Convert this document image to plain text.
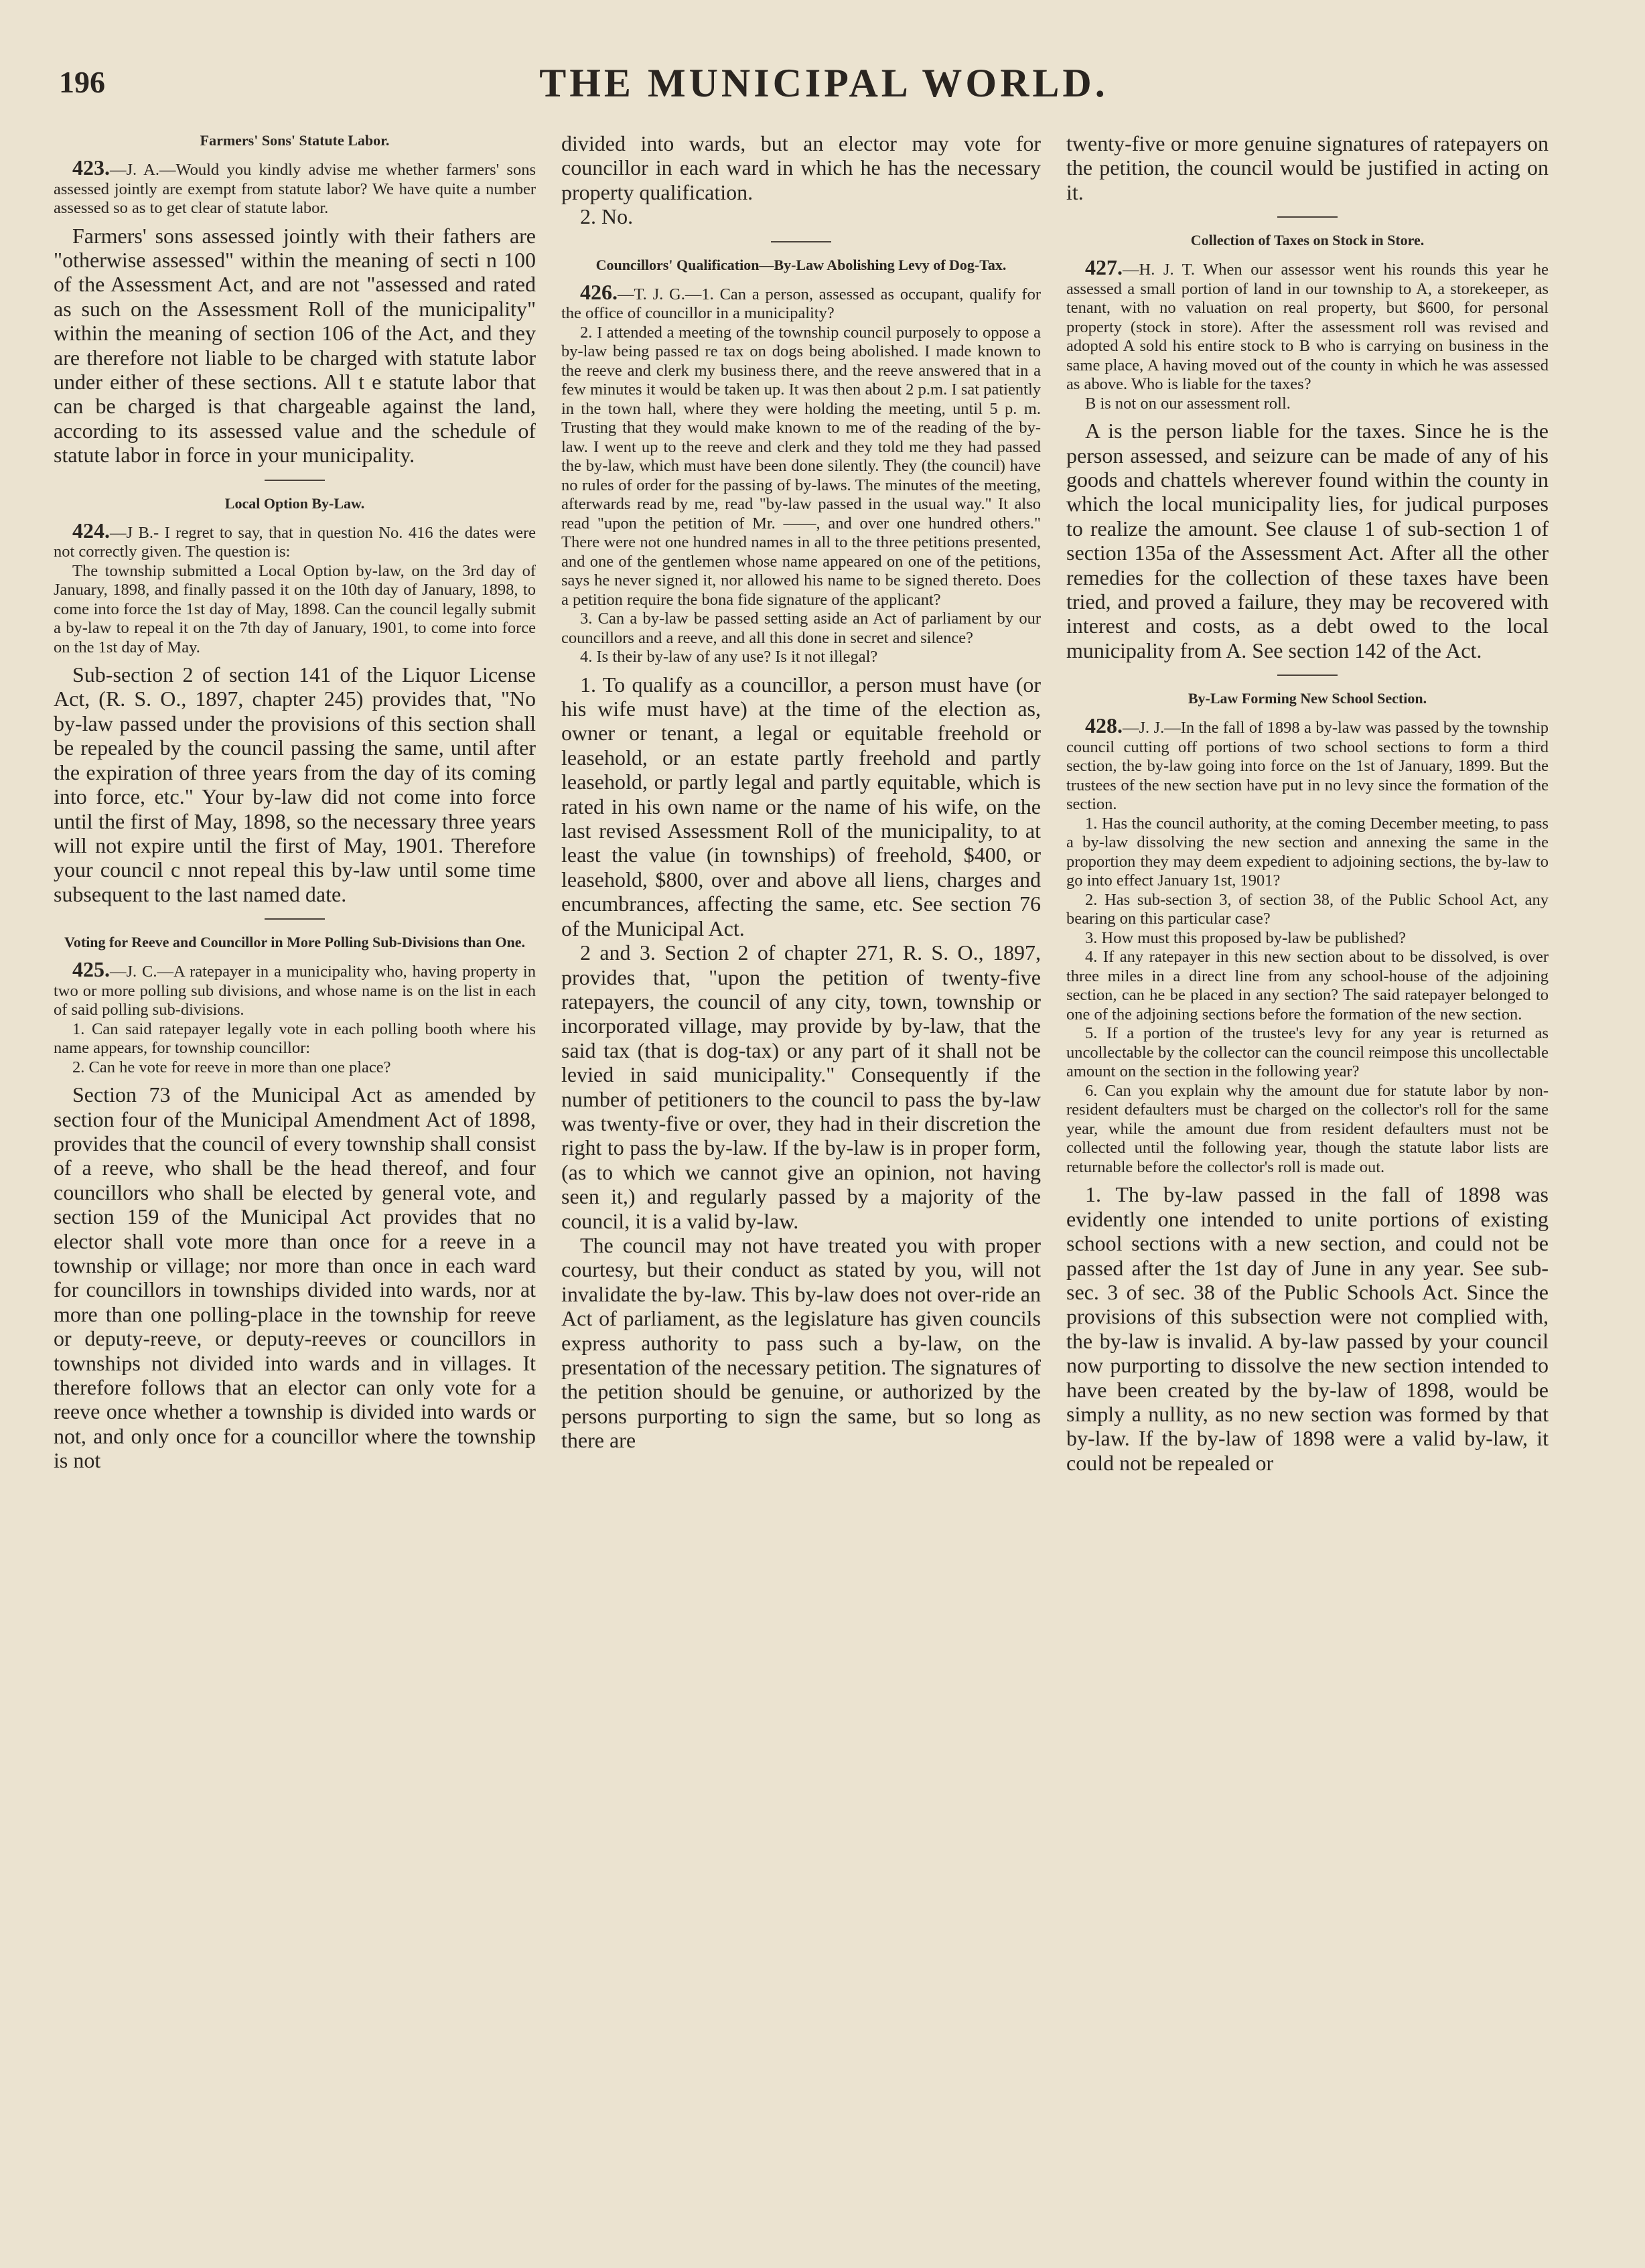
196	THE MUNICIPAL WORLD.
Farmers' Sons' Statute Labor.

423.—J. A.—Would you kindly advise me whether farmers' sons assessed jointly are exempt from statute labor? We have quite a number assessed so as to get clear of statute labor.

Farmers' sons assessed jointly with their fathers are "otherwise assessed" within the meaning of secti n 100 of the Assessment Act, and are not "assessed and rated as such on the Assessment Roll of the municipality" within the meaning of section 106 of the Act, and they are therefore not liable to be charged with statute labor under either of these sections. All t e statute labor that can be charged is that chargeable against the land, according to its assessed value and the schedule of statute labor in force in your municipality.

Local Option By-Law.

424.—J B.- I regret to say, that in question No. 416 the dates were not correctly given. The question is:

The township submitted a Local Option by-law, on the 3rd day of January, 1898, and finally passed it on the 10th day of January, 1898, to come into force the 1st day of May, 1898. Can the council legally submit a by-law to repeal it on the 7th day of January, 1901, to come into force on the 1st day of May.

Sub-section 2 of section 141 of the Liquor License Act, (R. S. O., 1897, chapter 245) provides that, "No by-law passed under the provisions of this section shall be repealed by the council passing the same, until after the expiration of three years from the day of its coming into force, etc." Your by-law did not come into force until the first of May, 1898, so the necessary three years will not expire until the first of May, 1901. Therefore your council c nnot repeal this by-law until some time subsequent to the last named date.

Voting for Reeve and Councillor in More Polling Sub-Divisions than One.

425.—J. C.—A ratepayer in a municipality who, having property in two or more polling sub divisions, and whose name is on the list in each of said polling sub-divisions.

1. Can said ratepayer legally vote in each polling booth where his name appears, for township councillor:

2. Can he vote for reeve in more than one place?

Section 73 of the Municipal Act as amended by section four of the Municipal Amendment Act of 1898, provides that the council of every township shall consist of a reeve, who shall be the head thereof, and four councillors who shall be elected by general vote, and section 159 of the Municipal Act provides that no elector shall vote more than once for a reeve in a township or village; nor more than once in each ward for councillors in townships divided into wards, nor at more than one polling-place in the township for reeve or deputy-reeve, or deputy-reeves or councillors in townships not divided into wards and in villages. It therefore follows that an elector can only vote for a reeve once whether a township is divided into wards or not, and only once for a councillor where the township is not

divided into wards, but an elector may vote for councillor in each ward in which he has the necessary property qualification.

2. No.

Councillors' Qualification—By-Law Abolishing Levy of Dog-Tax.

426.—T. J. G.—1. Can a person, assessed as occupant, qualify for the office of councillor in a municipality?

2. I attended a meeting of the township council purposely to oppose a by-law being passed re tax on dogs being abolished. I made known to the reeve and clerk my business there, and the reeve answered that in a few minutes it would be taken up. It was then about 2 p.m. I sat patiently in the town hall, where they were holding the meeting, until 5 p. m. Trusting that they would make known to me of the reading of the by-law. I went up to the reeve and clerk and they told me they had passed the by-law, which must have been done silently. They (the council) have no rules of order for the passing of by-laws. The minutes of the meeting, afterwards read by me, read "by-law passed in the usual way." It also read "upon the petition of Mr. ——, and over one hundred others." There were not one hundred names in all to the three petitions presented, and one of the gentlemen whose name appeared on one of the petitions, says he never signed it, nor allowed his name to be signed thereto. Does a petition require the bona fide signature of the applicant?

3. Can a by-law be passed setting aside an Act of parliament by our councillors and a reeve, and all this done in secret and silence?

4. Is their by-law of any use? Is it not illegal?

1. To qualify as a councillor, a person must have (or his wife must have) at the time of the election as, owner or tenant, a legal or equitable freehold or leasehold, or an estate partly freehold and partly leasehold, or partly legal and partly equitable, which is rated in his own name or the name of his wife, on the last revised Assessment Roll of the municipality, to at least the value (in townships) of freehold, $400, or leasehold, $800, over and above all liens, charges and encumbrances, affecting the same, etc. See section 76 of the Municipal Act.

2 and 3. Section 2 of chapter 271, R. S. O., 1897, provides that, "upon the petition of twenty-five ratepayers, the council of any city, town, township or incorporated village, may provide by by-law, that the said tax (that is dog-tax) or any part of it shall not be levied in said municipality." Consequently if the number of petitioners to the council to pass the by-law was twenty-five or over, they had in their discretion the right to pass the by-law. If the by-law is in proper form, (as to which we cannot give an opinion, not having seen it,) and regularly passed by a majority of the council, it is a valid by-law.

The council may not have treated you with proper courtesy, but their conduct as stated by you, will not invalidate the by-law. This by-law does not over-ride an Act of parliament, as the legislature has given councils express authority to pass such a by-law, on the presentation of the necessary petition. The signatures of the petition should be genuine, or authorized by the persons purporting to sign the same, but so long as there are

twenty-five or more genuine signatures of ratepayers on the petition, the council would be justified in acting on it.

Collection of Taxes on Stock in Store.

427.—H. J. T. When our assessor went his rounds this year he assessed a small portion of land in our township to A, a storekeeper, as tenant, with no valuation on real property, but $600, for personal property (stock in store). After the assessment roll was revised and adopted A sold his entire stock to B who is carrying on business in the same place, A having moved out of the county in which he was assessed as above. Who is liable for the taxes?

B is not on our assessment roll.

A is the person liable for the taxes. Since he is the person assessed, and seizure can be made of any of his goods and chattels wherever found within the county in which the local municipality lies, for judical purposes to realize the amount. See clause 1 of sub-section 1 of section 135a of the Assessment Act. After all the other remedies for the collection of these taxes have been tried, and proved a failure, they may be recovered with interest and costs, as a debt owed to the local municipality from A. See section 142 of the Act.

By-Law Forming New School Section.

428.—J. J.—In the fall of 1898 a by-law was passed by the township council cutting off portions of two school sections to form a third section, the by-law going into force on the 1st of January, 1899. But the trustees of the new section have put in no levy since the formation of the section.

1. Has the council authority, at the coming December meeting, to pass a by-law dissolving the new section and annexing the same in the proportion they may deem expedient to adjoining sections, the by-law to go into effect January 1st, 1901?

2. Has sub-section 3, of section 38, of the Public School Act, any bearing on this particular case?

3. How must this proposed by-law be published?

4. If any ratepayer in this new section about to be dissolved, is over three miles in a direct line from any school-house of the adjoining section, can he be placed in any section? The said ratepayer belonged to one of the adjoining sections before the formation of the new section.

5. If a portion of the trustee's levy for any year is returned as uncollectable by the collector can the council reimpose this uncollectable amount on the section in the following year?

6. Can you explain why the amount due for statute labor by non-resident defaulters must be charged on the collector's roll for the same year, while the amount due from resident defaulters must not be collected until the following year, though the statute labor lists are returnable before the collector's roll is made out.

1. The by-law passed in the fall of 1898 was evidently one intended to unite portions of existing school sections with a new section, and could not be passed after the 1st day of June in any year. See sub-sec. 3 of sec. 38 of the Public Schools Act. Since the provisions of this subsection were not complied with, the by-law is invalid. A by-law passed by your council now purporting to dissolve the new section intended to have been created by the by-law of 1898, would be simply a nullity, as no new section was formed by that by-law. If the by-law of 1898 were a valid by-law, it could not be repealed or
